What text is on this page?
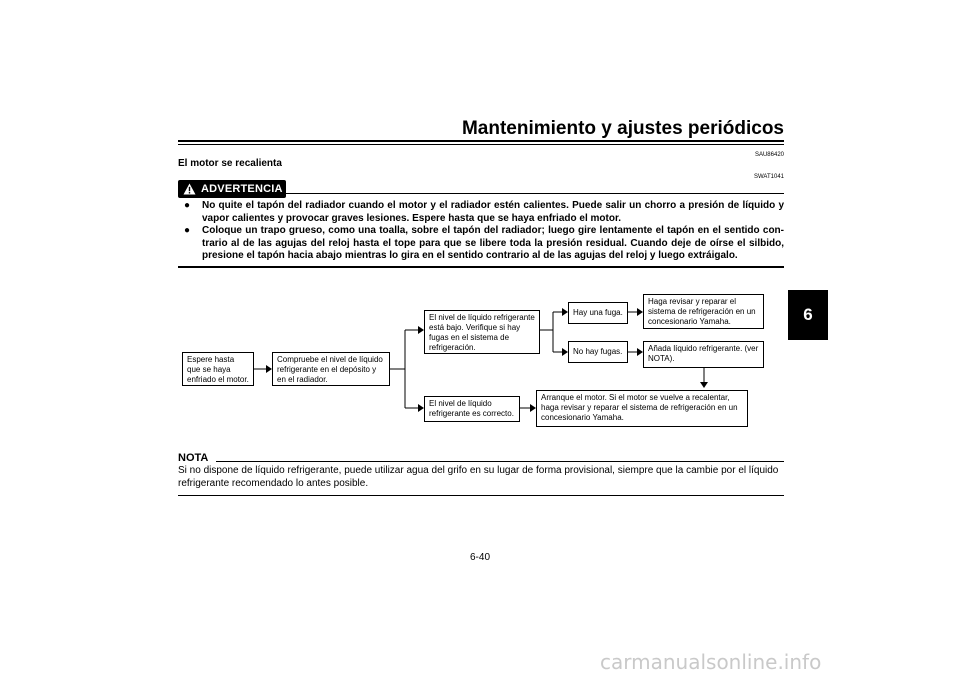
Mantenimiento y ajustes periódicos
6
SAU86420
El motor se recalienta
SWAT1041
ADVERTENCIA
● No quite el tapón del radiador cuando el motor y el radiador estén calientes. Puede salir un chorro a presión de líquido y vapor calientes y provocar graves lesiones. Espere hasta que se haya enfriado el motor.
● Coloque un trapo grueso, como una toalla, sobre el tapón del radiador; luego gire lentamente el tapón en el sentido con-trario al de las agujas del reloj hasta el tope para que se libere toda la presión residual. Cuando deje de oírse el silbido, presione el tapón hacia abajo mientras lo gira en el sentido contrario al de las agujas del reloj y luego extráigalo.
Espere hasta que se haya enfriado el motor.
Compruebe el nivel de líquido refrigerante en el depósito y en el radiador.
El nivel de líquido refrigerante está bajo. Verifique si hay fugas en el sistema de refrigeración.
El nivel de líquido refrigerante es correcto.
Hay una fuga.
No hay fugas.
Haga revisar y reparar el sistema de refrigeración en un concesionario Yamaha.
Añada líquido refrigerante. (ver NOTA).
Arranque el motor. Si el motor se vuelve a recalentar, haga revisar y reparar el sistema de refrigeración en un concesionario Yamaha.
NOTA
Si no dispone de líquido refrigerante, puede utilizar agua del grifo en su lugar de forma provisional, siempre que la cambie por el líquido refrigerante recomendado lo antes posible.
6-40
carmanualsonline.info
